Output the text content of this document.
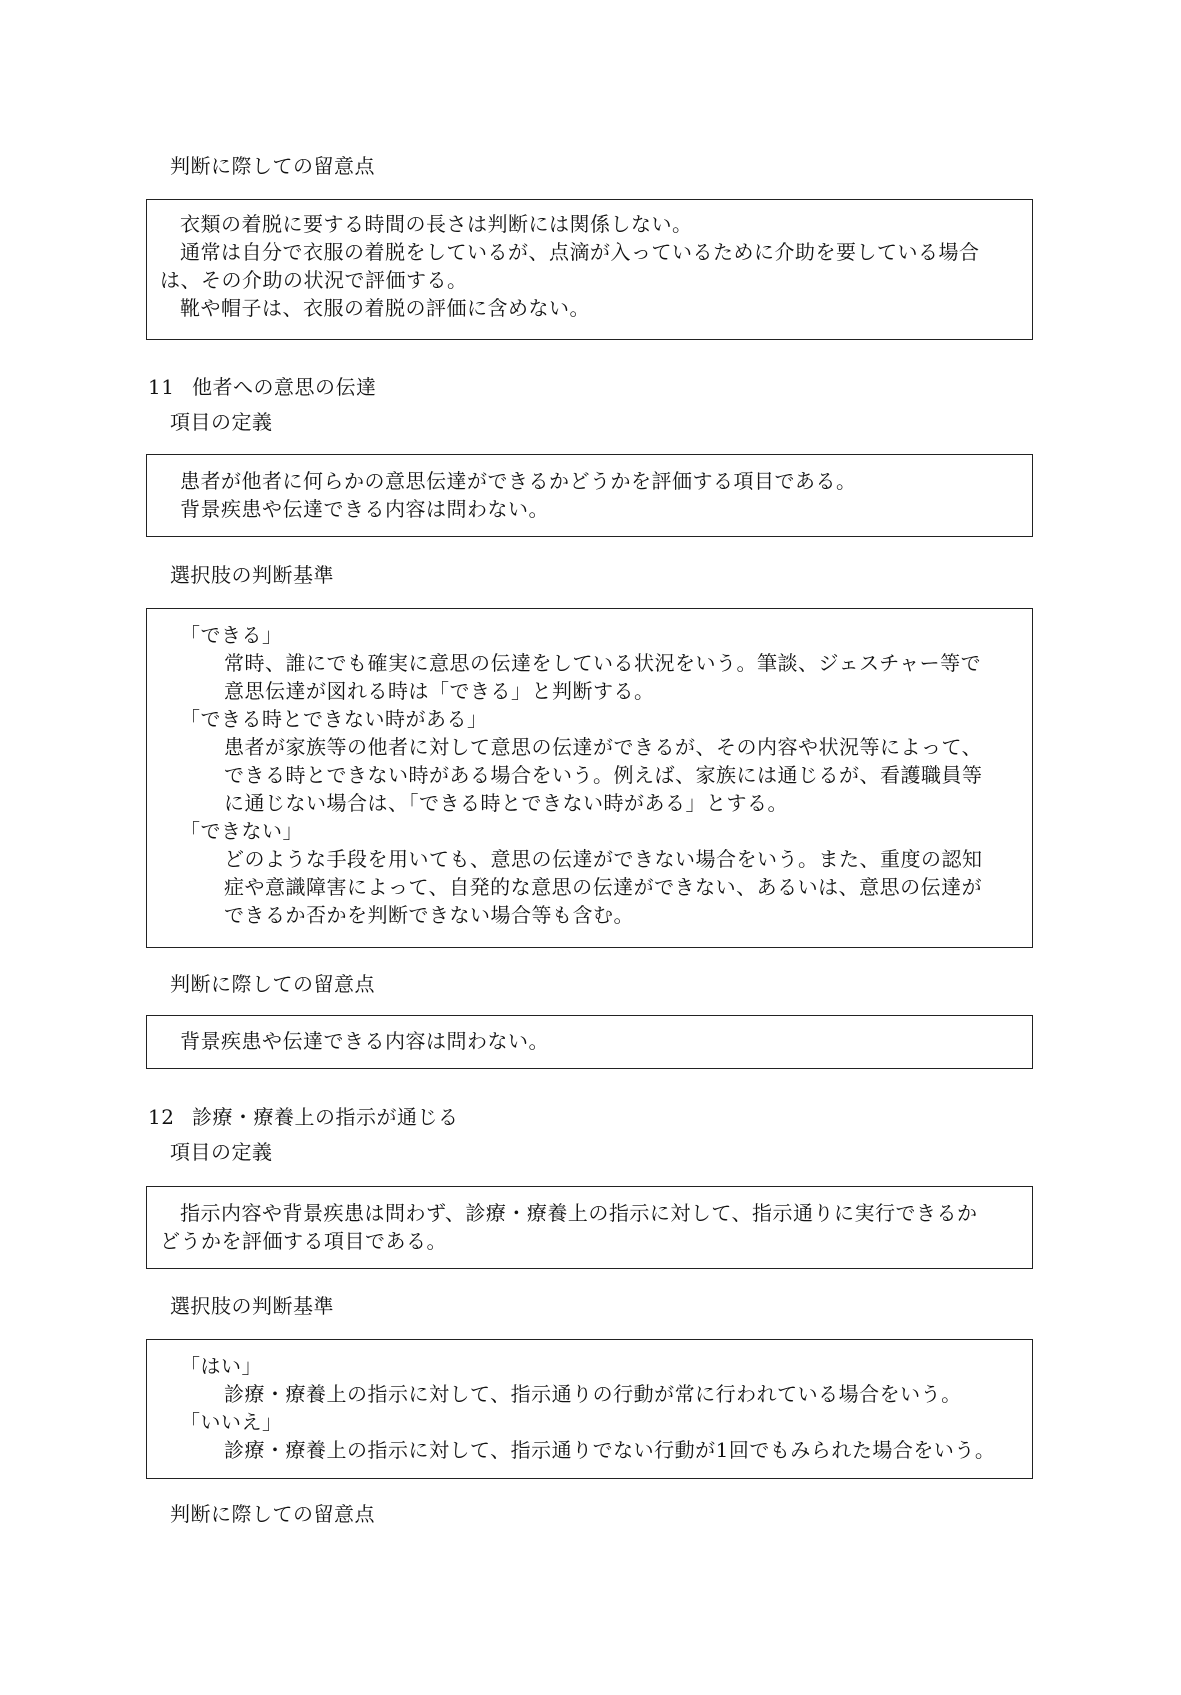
判断に際しての留意点
衣類の着脱に要する時間の長さは判断には関係しない。
通常は自分で衣服の着脱をしているが、点滴が入っているために介助を要している場合
は、その介助の状況で評価する。
靴や帽子は、衣服の着脱の評価に含めない。
11 他者への意思の伝達
項目の定義
患者が他者に何らかの意思伝達ができるかどうかを評価する項目である。
背景疾患や伝達できる内容は問わない。
選択肢の判断基準
「できる」
常時、誰にでも確実に意思の伝達をしている状況をいう。筆談、ジェスチャー等で
意思伝達が図れる時は「できる」と判断する。
「できる時とできない時がある」
患者が家族等の他者に対して意思の伝達ができるが、その内容や状況等によって、
できる時とできない時がある場合をいう。例えば、家族には通じるが、看護職員等
に通じない場合は、「できる時とできない時がある」とする。
「できない」
どのような手段を用いても、意思の伝達ができない場合をいう。また、重度の認知
症や意識障害によって、自発的な意思の伝達ができない、あるいは、意思の伝達が
できるか否かを判断できない場合等も含む。
判断に際しての留意点
背景疾患や伝達できる内容は問わない。
12 診療・療養上の指示が通じる
項目の定義
指示内容や背景疾患は問わず、診療・療養上の指示に対して、指示通りに実行できるか
どうかを評価する項目である。
選択肢の判断基準
「はい」
診療・療養上の指示に対して、指示通りの行動が常に行われている場合をいう。
「いいえ」
診療・療養上の指示に対して、指示通りでない行動が1回でもみられた場合をいう。
判断に際しての留意点
